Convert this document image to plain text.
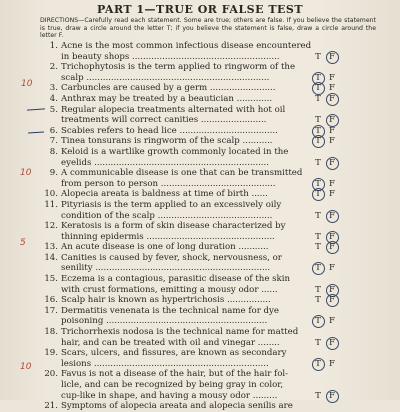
PART 1—TRUE OR FALSE TEST
DIRECTIONS—Carefully read each statement. Some are true; others are false. If you believe the statement is true, draw a circle around the letter T; if you believe the statement is false, draw a circle around the letter F.
1. Acne is the most common infectious disease encountered
in beauty shops ......................................................	T F
2. Trichophytosis is the term applied to ringworm of the
scalp ...................................................................	T F
3. Carbuncles are caused by a germ ........................	T F
4. Anthrax may be treated by a beautician .............	T F
5. Regular alopecia treatments alternated with hot oil
treatments will correct canities ........................	T F
6. Scabies refers to head lice ....................................	T F
7. Tinea tonsurans is ringworm of the scalp ...........	T F
8. Keloid is a wartlike growth commonly located in the
eyelids ................................................................	T F
9. A communicable disease is one that can be transmitted
from person to person ..........................................	T F
10. Alopecia areata is baldness at time of birth ......	T F
11. Pityriasis is the term applied to an excessively oily
condition of the scalp ..........................................	T F
12. Keratosis is a form of skin disease characterized by
thinning epidermis ...............................................	T F
13. An acute disease is one of long duration ...........	T F
14. Canities is caused by fever, shock, nervousness, or
senility ................................................................	T F
15. Eczema is a contagious, parasitic disease of the skin
with crust formations, emitting a mousy odor ......	T F
16. Scalp hair is known as hypertrichosis ................	T F
17. Dermatitis venenata is the technical name for dye
poisoning ...........................................................	T F
18. Trichorrhexis nodosa is the technical name for matted
hair, and can be treated with oil and vinegar ........	T F
19. Scars, ulcers, and fissures, are known as secondary
lesions ................................................................	T F
20. Favus is not a disease of the hair, but of the hair fol-
licle, and can be recognized by being gray in color,
cup-like in shape, and having a mousy odor .........	T F
21. Symptoms of alopecia areata and alopecia senilis are
10
10
5
10
